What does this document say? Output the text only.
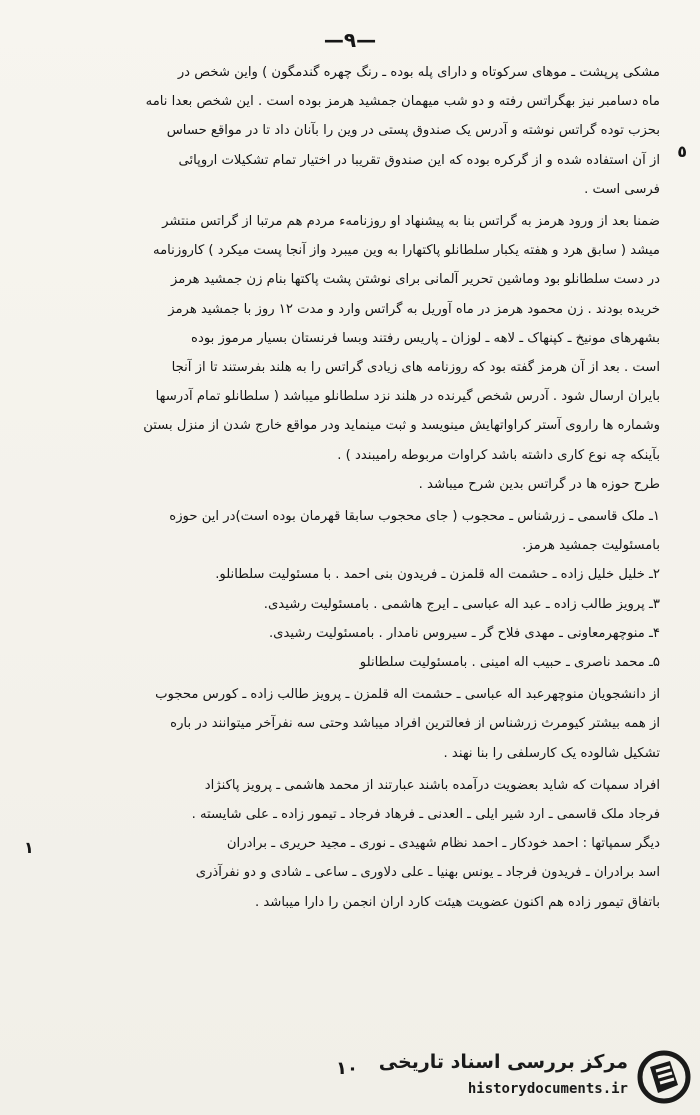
—۹—
٥
١

مشکی پرپشت ـ موهای سرکوتاه و دارای پله بوده ـ رنگ چهره گندمگون ) واین شخص در

ماه دسامبر نیز بهگراتس رفته و دو شب میهمان جمشید هرمز بوده است . این شخص بعدا نامه

بحزب توده گراتس نوشته و آدرس یک صندوق پستی در وین را بآنان داد تا در مواقع حساس

از آن استفاده شده و از گرکره بوده که این صندوق تقریبا در اختیار تمام تشکیلات اروپائی

فرسی است .

ضمنا بعد از ورود هرمز به گراتس بنا به پیشنهاد او روزنامهء مردم هم مرتبا از گراتس منتشر

میشد ( سابق هرد و هفته یکبار سلطانلو پاکتهارا به وین میبرد واز آنجا پست میکرد ) کاروزنامه

در دست سلطانلو بود وماشین تحریر آلمانی برای نوشتن پشت پاکتها بنام زن جمشید هرمز

خریده بودند . زن محمود هرمز در ماه آوریل به گراتس وارد و مدت ۱۲ روز با جمشید هرمز

بشهرهای مونیخ ـ کپنهاک ـ لاهه ـ لوزان ـ پاریس رفتند وبسا فرنستان بسیار مرموز بوده

است . بعد از آن هرمز گفته بود که روزنامه های زیادی گراتس را به هلند بفرستند تا از آنجا

بایران ارسال شود . آدرس شخص گیرنده در هلند نزد سلطانلو میباشد ( سلطانلو تمام آدرسها

وشماره ها راروی آستر کراواتهایش مینویسد و ثبت مینماید ودر مواقع خارج شدن از منزل بستن

بآینکه چه نوع کاری داشته باشد کراوات مربوطه رامیبندد ) .

طرح حوزه ها در گراتس بدین شرح میباشد .

۱ـ ملک قاسمی ـ زرشناس ـ محجوب ( جای محجوب سابقا قهرمان بوده است)در این حوزه

بامسئولیت جمشید هرمز.

۲ـ خلیل خلیل زاده ـ حشمت اله قلمزن ـ فریدون بنی احمد . با مسئولیت سلطانلو.

۳ـ پرویز طالب زاده ـ عبد اله عباسی ـ ایرج هاشمی . بامسئولیت رشیدی.

۴ـ منوچهرمعاونی ـ مهدی فلاح گر ـ سیروس نامدار . بامسئولیت رشیدی.

۵ـ محمد ناصری ـ حبیب اله امینی . بامسئولیت سلطانلو

از دانشجویان منوچهرعبد اله عباسی ـ حشمت اله قلمزن ـ پرویز طالب زاده ـ کورس محجوب

از همه بیشتر کیومرث زرشناس از فعالترین افراد میباشد وحتی سه نفرآخر میتوانند در باره

تشکیل شالوده یک کارسلفی را بنا نهند .

افراد سمپات که شاید بعضویت درآمده باشند عبارتند از محمد هاشمی ـ پرویز پاکنژاد

فرجاد ملک قاسمی ـ ارد شیر ایلی ـ العدنی ـ فرهاد فرجاد ـ تیمور زاده ـ علی شایسته .

دیگر سمپاتها : احمد خودکار ـ احمد نظام شهیدی ـ نوری ـ مجید حریری ـ برادران

اسد برادران ـ فریدون فرجاد ـ یونس بهنیا ـ علی دلاوری ـ ساعی ـ شادی و دو نفرآذری

باتفاق تیمور زاده هم اکنون عضویت هیئت کارد اران انجمن را دارا میباشد .

۱۰	مرکز بررسی اسناد تاریخی
historydocuments.ir
